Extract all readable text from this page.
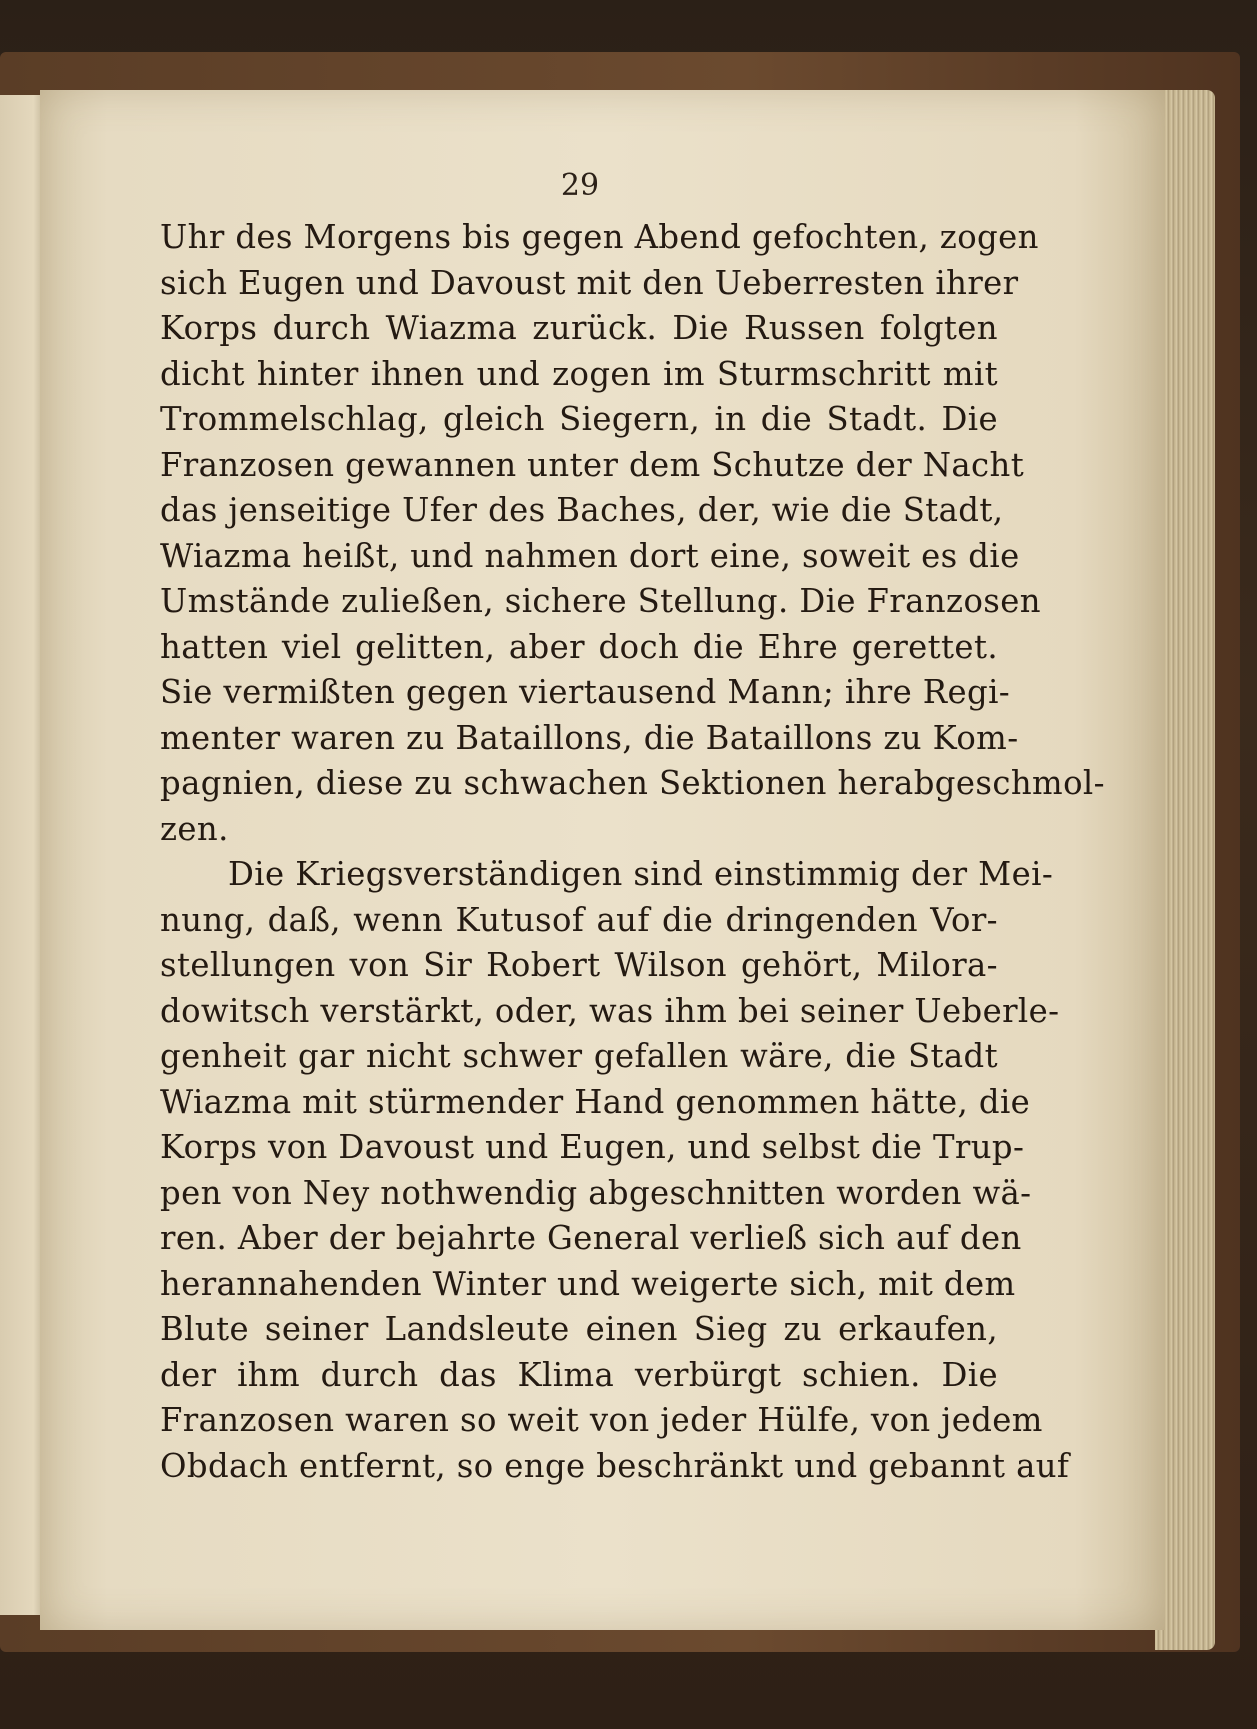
29
Uhr des Morgens bis gegen Abend gefochten, zogen
sich Eugen und Davoust mit den Ueberresten ihrer
Korps durch Wiazma zurück. Die Russen folgten
dicht hinter ihnen und zogen im Sturmschritt mit
Trommelschlag, gleich Siegern, in die Stadt. Die
Franzosen gewannen unter dem Schutze der Nacht
das jenseitige Ufer des Baches, der, wie die Stadt,
Wiazma heißt, und nahmen dort eine, soweit es die
Umstände zuließen, sichere Stellung. Die Franzosen
hatten viel gelitten, aber doch die Ehre gerettet.
Sie vermißten gegen viertausend Mann; ihre Regi-
menter waren zu Bataillons, die Bataillons zu Kom-
pagnien, diese zu schwachen Sektionen herabgeschmol-
zen.
Die Kriegsverständigen sind einstimmig der Mei-
nung, daß, wenn Kutusof auf die dringenden Vor-
stellungen von Sir Robert Wilson gehört, Milora-
dowitsch verstärkt, oder, was ihm bei seiner Ueberle-
genheit gar nicht schwer gefallen wäre, die Stadt
Wiazma mit stürmender Hand genommen hätte, die
Korps von Davoust und Eugen, und selbst die Trup-
pen von Ney nothwendig abgeschnitten worden wä-
ren. Aber der bejahrte General verließ sich auf den
herannahenden Winter und weigerte sich, mit dem
Blute seiner Landsleute einen Sieg zu erkaufen,
der ihm durch das Klima verbürgt schien. Die
Franzosen waren so weit von jeder Hülfe, von jedem
Obdach entfernt, so enge beschränkt und gebannt auf
